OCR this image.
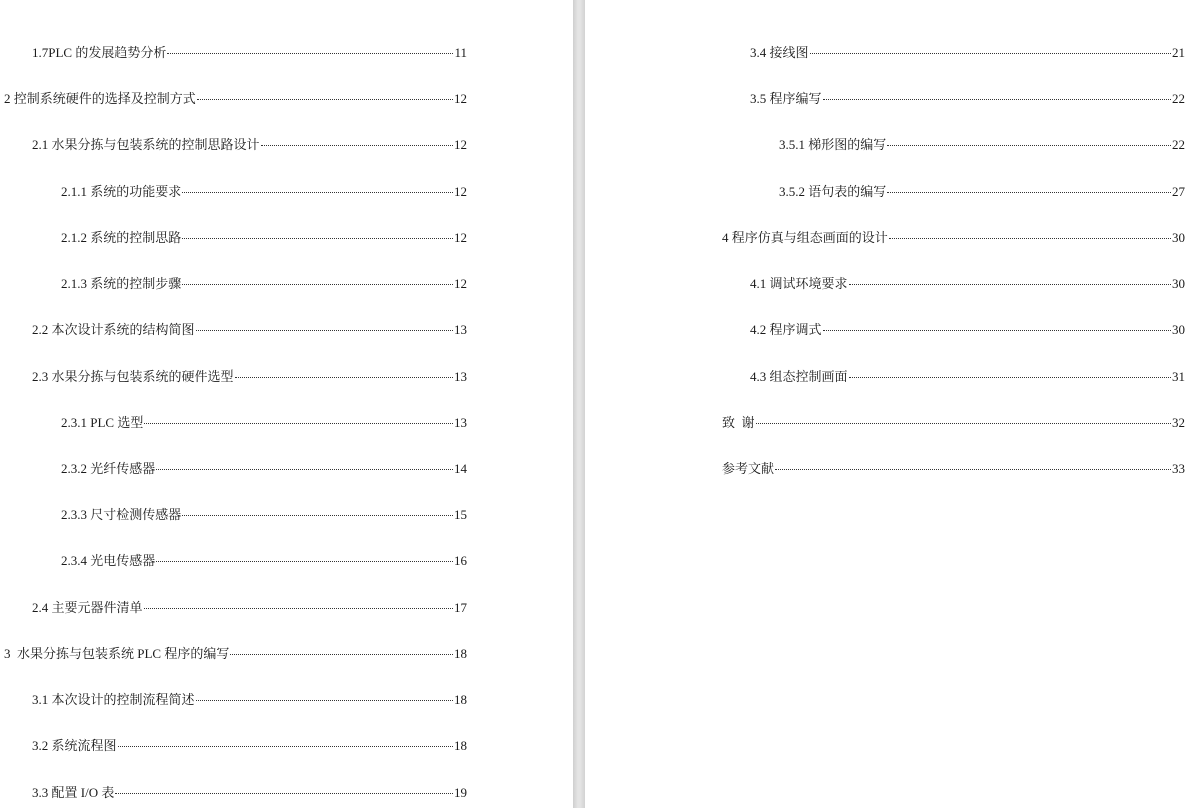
1.7PLC 的发展趋势分析	11
2 控制系统硬件的选择及控制方式	12
2.1 水果分拣与包装系统的控制思路设计	12
2.1.1 系统的功能要求	12
2.1.2 系统的控制思路	12
2.1.3 系统的控制步骤	12
2.2 本次设计系统的结构简图	13
2.3 水果分拣与包装系统的硬件选型	13
2.3.1 PLC 选型	13
2.3.2 光纤传感器	14
2.3.3 尺寸检测传感器	15
2.3.4 光电传感器	16
2.4 主要元器件清单	17
3  水果分拣与包装系统 PLC 程序的编写	18
3.1 本次设计的控制流程简述	18
3.2 系统流程图	18
3.3 配置 I/O 表	19
3.4 接线图	21
3.5 程序编写	22
3.5.1 梯形图的编写	22
3.5.2 语句表的编写	27
4 程序仿真与组态画面的设计	30
4.1 调试环境要求	30
4.2 程序调式	30
4.3 组态控制画面	31
致  谢	32
参考文献	33
